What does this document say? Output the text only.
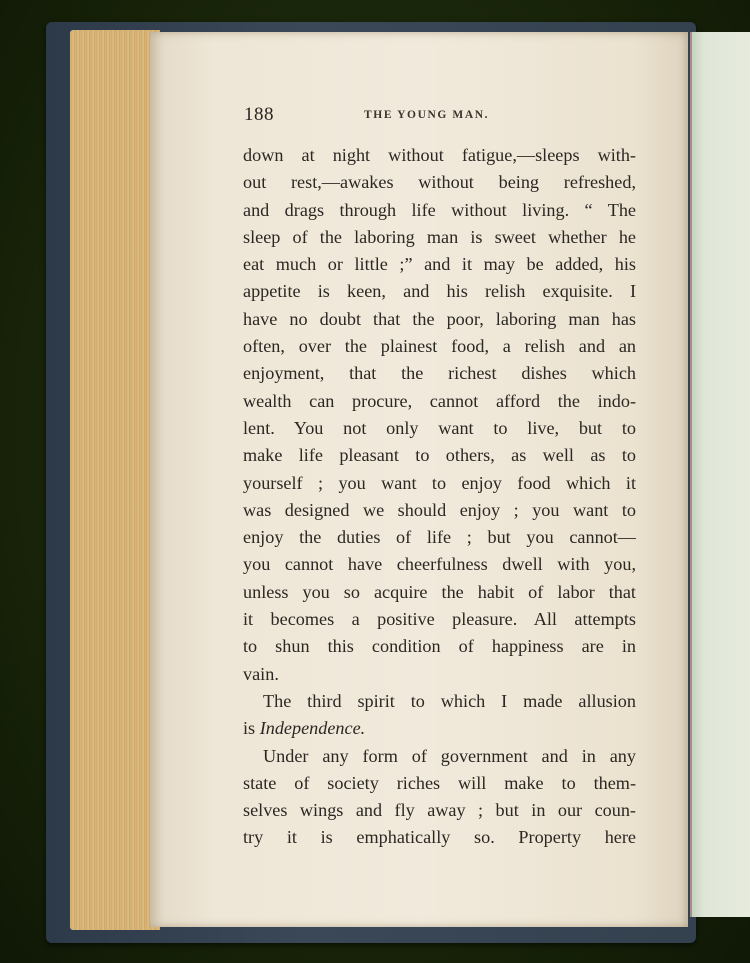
188	THE YOUNG MAN.
down at night without fatigue,—sleeps with-
out rest,—awakes without being refreshed,
and drags through life without living. “ The
sleep of the laboring man is sweet whether he
eat much or little ;” and it may be added, his
appetite is keen, and his relish exquisite. I
have no doubt that the poor, laboring man has
often, over the plainest food, a relish and an
enjoyment, that the richest dishes which
wealth can procure, cannot afford the indo-
lent. You not only want to live, but to
make life pleasant to others, as well as to
yourself ; you want to enjoy food which it
was designed we should enjoy ; you want to
enjoy the duties of life ; but you cannot—
you cannot have cheerfulness dwell with you,
unless you so acquire the habit of labor that
it becomes a positive pleasure. All attempts
to shun this condition of happiness are in
vain.
The third spirit to which I made allusion
is Independence.
Under any form of government and in any
state of society riches will make to them-
selves wings and fly away ; but in our coun-
try it is emphatically so. Property here
